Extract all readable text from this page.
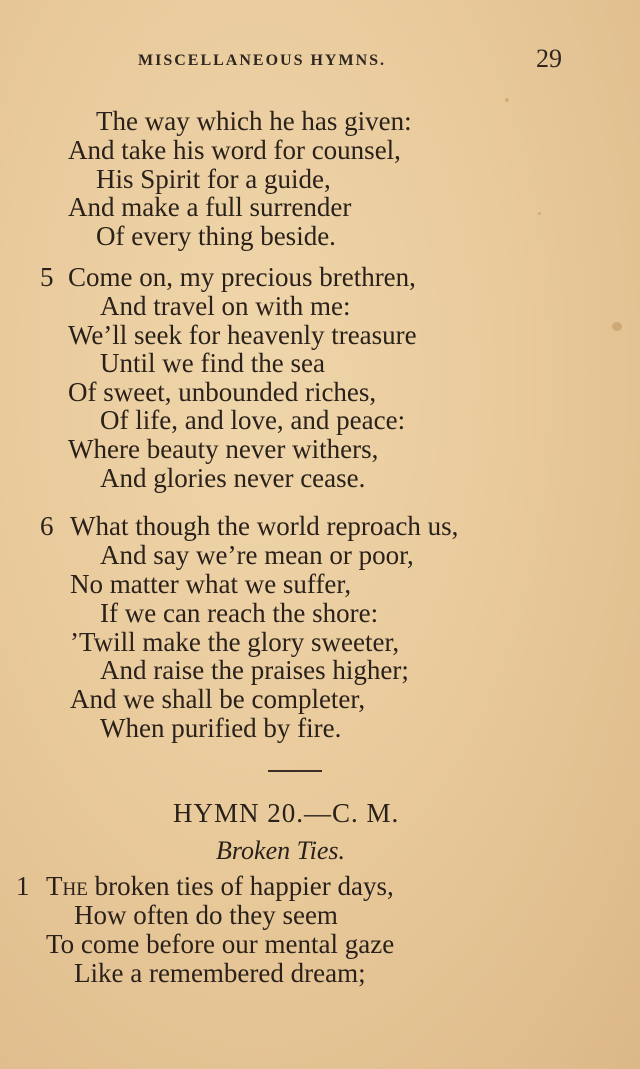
MISCELLANEOUS HYMNS.	29
The way which he has given:
And take his word for counsel,
His Spirit for a guide,
And make a full surrender
Of every thing beside.
5 Come on, my precious brethren,
And travel on with me:
We’ll seek for heavenly treasure
Until we find the sea
Of sweet, unbounded riches,
Of life, and love, and peace:
Where beauty never withers,
And glories never cease.
6 What though the world reproach us,
And say we’re mean or poor,
No matter what we suffer,
If we can reach the shore:
’Twill make the glory sweeter,
And raise the praises higher;
And we shall be completer,
When purified by fire.
HYMN 20.—C. M.
Broken Ties.
1 The broken ties of happier days,
How often do they seem
To come before our mental gaze
Like a remembered dream;
